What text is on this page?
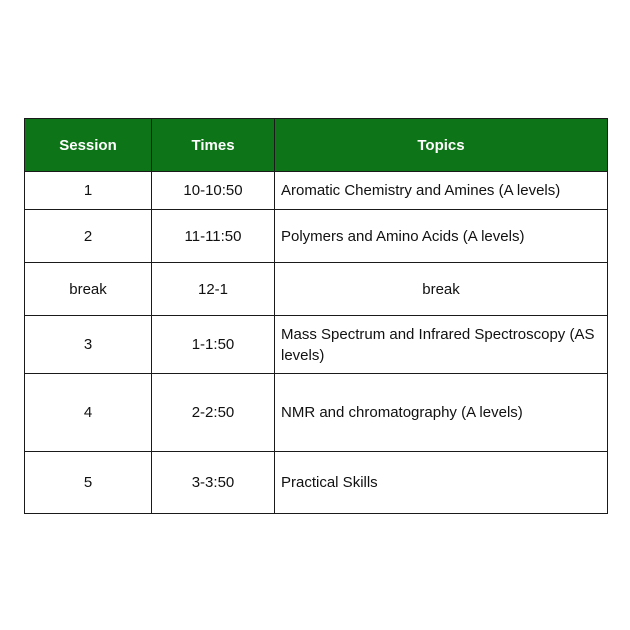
Session	Times	Topics
1	10-10:50	Aromatic Chemistry and Amines (A levels)
2	11-11:50	Polymers and Amino Acids (A levels)
break	12-1	break
3	1-1:50	Mass Spectrum and Infrared Spectroscopy (AS levels)
4	2-2:50	NMR and chromatography (A levels)
5	3-3:50	Practical Skills
